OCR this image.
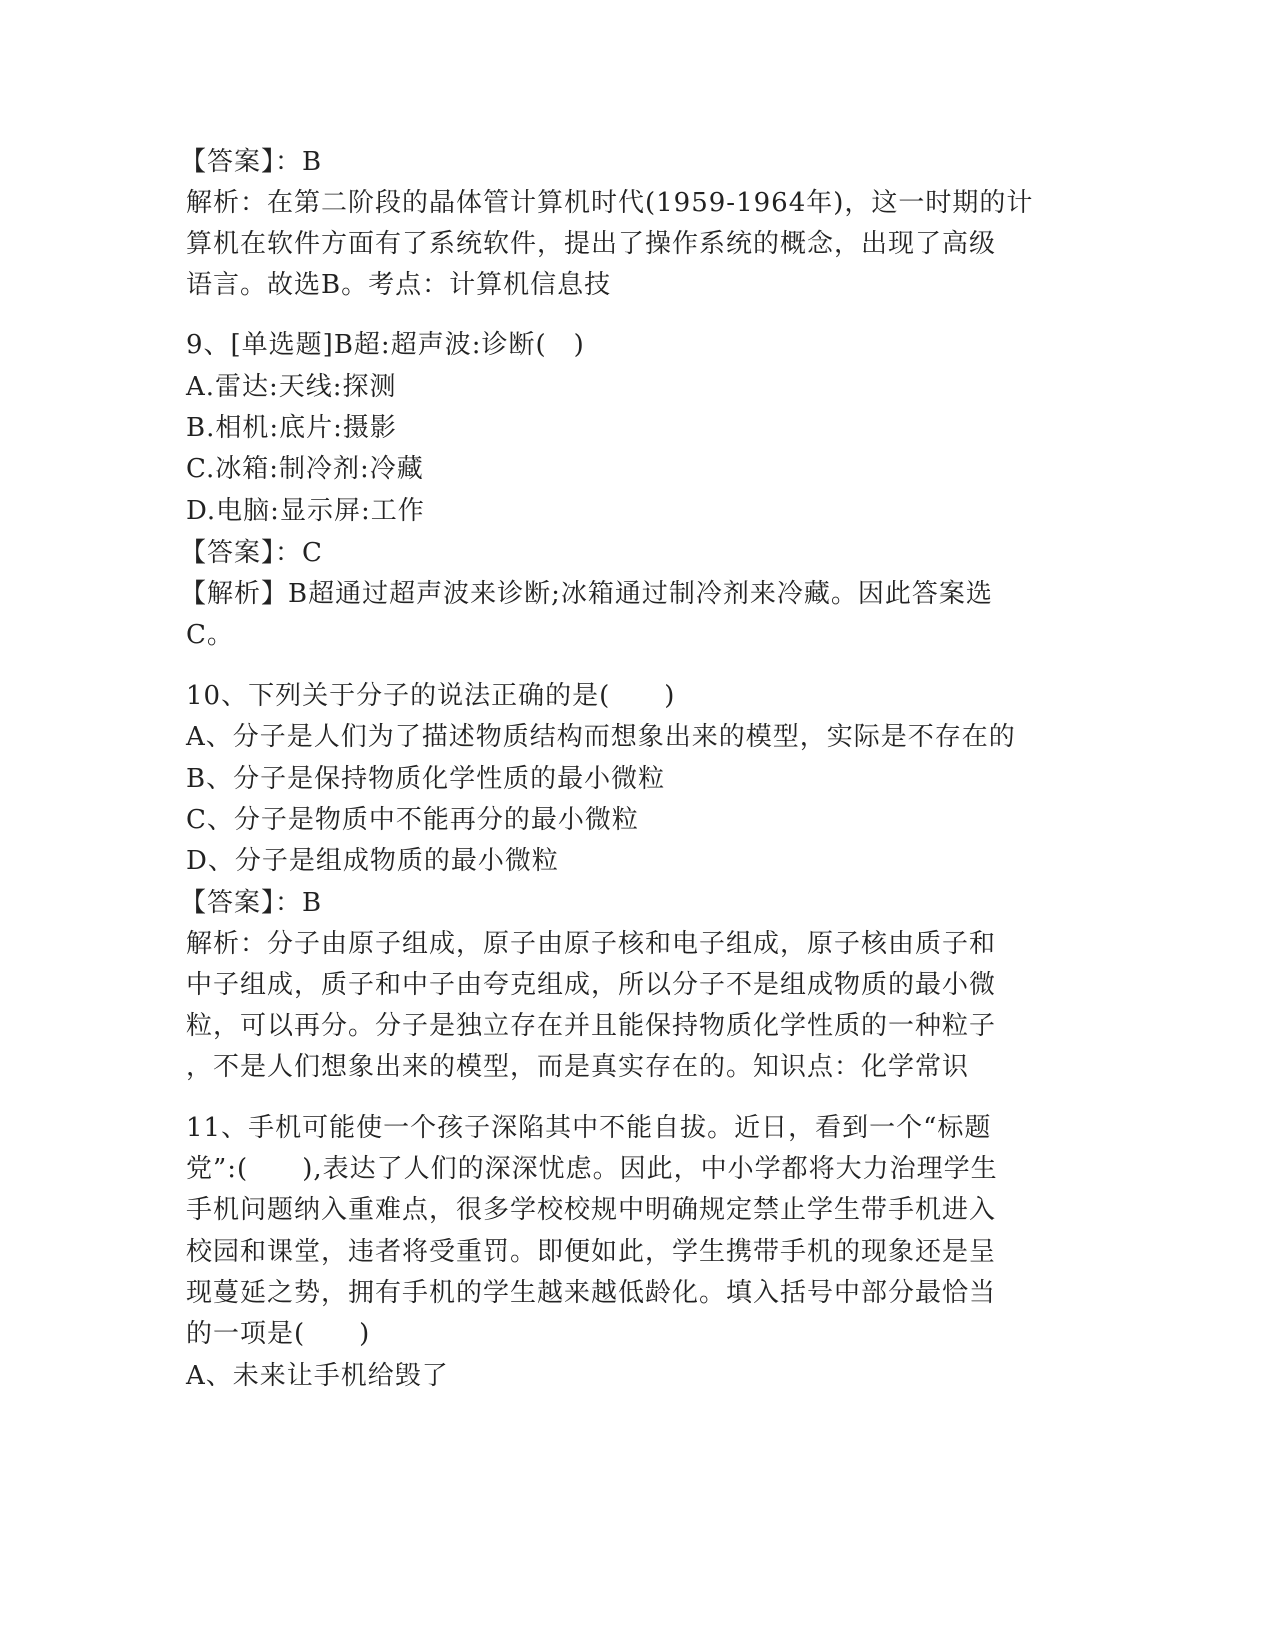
【答案】：B
解析：在第二阶段的晶体管计算机时代(1959-1964年)，这一时期的计
算机在软件方面有了系统软件，提出了操作系统的概念，出现了高级
语言。故选B。考点：计算机信息技
9、[单选题]B超:超声波:诊断(　)
A.雷达:天线:探测
B.相机:底片:摄影
C.冰箱:制冷剂:冷藏
D.电脑:显示屏:工作
【答案】：C
【解析】B超通过超声波来诊断;冰箱通过制冷剂来冷藏。因此答案选
C。
10、下列关于分子的说法正确的是(　　)
A、分子是人们为了描述物质结构而想象出来的模型，实际是不存在的
B、分子是保持物质化学性质的最小微粒
C、分子是物质中不能再分的最小微粒
D、分子是组成物质的最小微粒
【答案】：B
解析：分子由原子组成，原子由原子核和电子组成，原子核由质子和
中子组成，质子和中子由夸克组成，所以分子不是组成物质的最小微
粒，可以再分。分子是独立存在并且能保持物质化学性质的一种粒子
，不是人们想象出来的模型，而是真实存在的。知识点：化学常识
11、手机可能使一个孩子深陷其中不能自拔。近日，看到一个“标题
党”:(　　),表达了人们的深深忧虑。因此，中小学都将大力治理学生
手机问题纳入重难点，很多学校校规中明确规定禁止学生带手机进入
校园和课堂，违者将受重罚。即便如此，学生携带手机的现象还是呈
现蔓延之势，拥有手机的学生越来越低龄化。填入括号中部分最恰当
的一项是(　　)
A、未来让手机给毁了
